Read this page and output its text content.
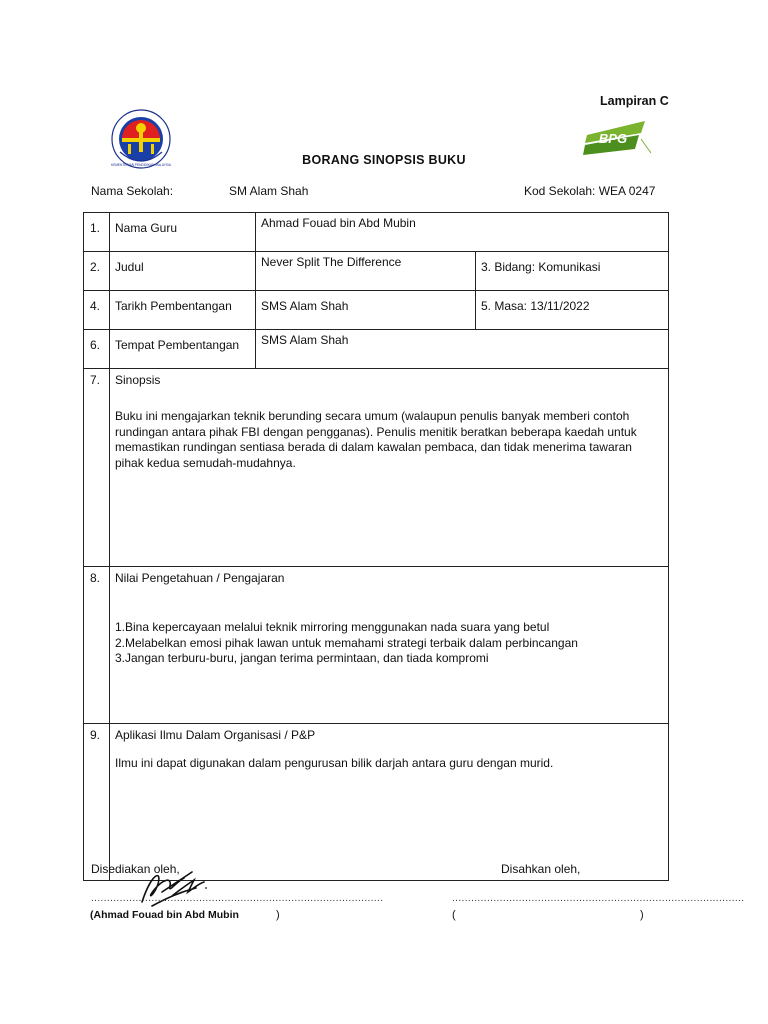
Lampiran C
KEMENTERIAN PENDIDIKAN MALAYSIA
BPG
BORANG SINOPSIS BUKU
Nama Sekolah:	SM Alam Shah	Kod Sekolah: WEA 0247
1.	Nama Guru	Ahmad Fouad bin Abd Mubin	
2.	Judul	Never Split The Difference	3. Bidang: Komunikasi
4.	Tarikh Pembentangan	SMS Alam Shah	5. Masa: 13/11/2022
6.	Tempat Pembentangan	SMS Alam Shah	
7.	Sinopsis

Buku ini mengajarkan teknik berunding secara umum (walaupun penulis banyak memberi contoh rundingan antara pihak FBI dengan pengganas). Penulis menitik beratkan beberapa kaedah untuk memastikan rundingan sentiasa berada di dalam kawalan pembaca, dan tidak menerima tawaran pihak kedua semudah-mudahnya.		

8.	Nilai Pengetahuan / Pengajaran
1.Bina kepercayaan melalui teknik mirroring menggunakan nada suara yang betul
2.Melabelkan emosi pihak lawan untuk memahami strategi terbaik dalam perbincangan
3.Jangan terburu-buru, jangan terima permintaan, dan tiada kompromi		

9.	Aplikasi Ilmu Dalam Organisasi / P&P

Ilmu ini dapat digunakan dalam pengurusan bilik darjah antara guru dengan murid.		

Disediakan oleh,	Disahkan oleh,
............................................................................................	............................................................................................
(Ahmad Fouad bin Abd Mubin	)	(	)
